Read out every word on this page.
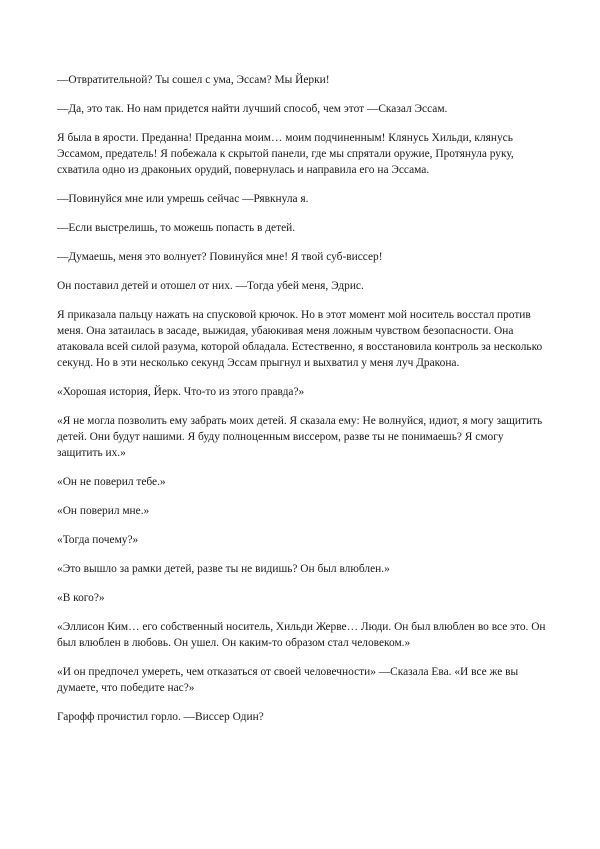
—Отвратительной? Ты сошел с ума, Эссам? Мы Йерки!

—Да, это так. Но нам придется найти лучший способ, чем этот —Сказал Эссам.

Я была в ярости. Преданна! Преданна моим… моим подчиненным! Клянусь Хильди, клянусь Эссамом, предатель! Я побежала к скрытой панели, где мы спрятали оружие, Протянула руку, схватила одно из драконьих орудий, повернулась и направила его на Эссама.

—Повинуйся мне или умрешь сейчас —Рявкнула я.

—Если выстрелишь, то можешь попасть в детей.

—Думаешь, меня это волнует? Повинуйся мне! Я твой суб-виссер!

Он поставил детей и отошел от них. —Тогда убей меня, Эдрис.

Я приказала пальцу нажать на спусковой крючок. Но в этот момент мой носитель восстал против меня. Она затаилась в засаде, выжидая, убаюкивая меня ложным чувством безопасности. Она атаковала всей силой разума, которой обладала. Естественно, я восстановила контроль за несколько секунд. Но в эти несколько секунд Эссам прыгнул и выхватил у меня луч Дракона.

«Хорошая история, Йерк. Что-то из этого правда?»

«Я не могла позволить ему забрать моих детей. Я сказала ему: Не волнуйся, идиот, я могу защитить детей. Они будут нашими. Я буду полноценным виссером, разве ты не понимаешь? Я смогу защитить их.»

«Он не поверил тебе.»

«Он поверил мне.»

«Тогда почему?»

«Это вышло за рамки детей, разве ты не видишь? Он был влюблен.»

«В кого?»

«Эллисон Ким… его собственный носитель, Хильди Жерве… Люди. Он был влюблен во все это. Он был влюблен в любовь. Он ушел. Он каким-то образом стал человеком.»

«И он предпочел умереть, чем отказаться от своей человечности» —Сказала Ева. «И все же вы думаете, что победите нас?»

Гарофф прочистил горло. —Виссер Один?
